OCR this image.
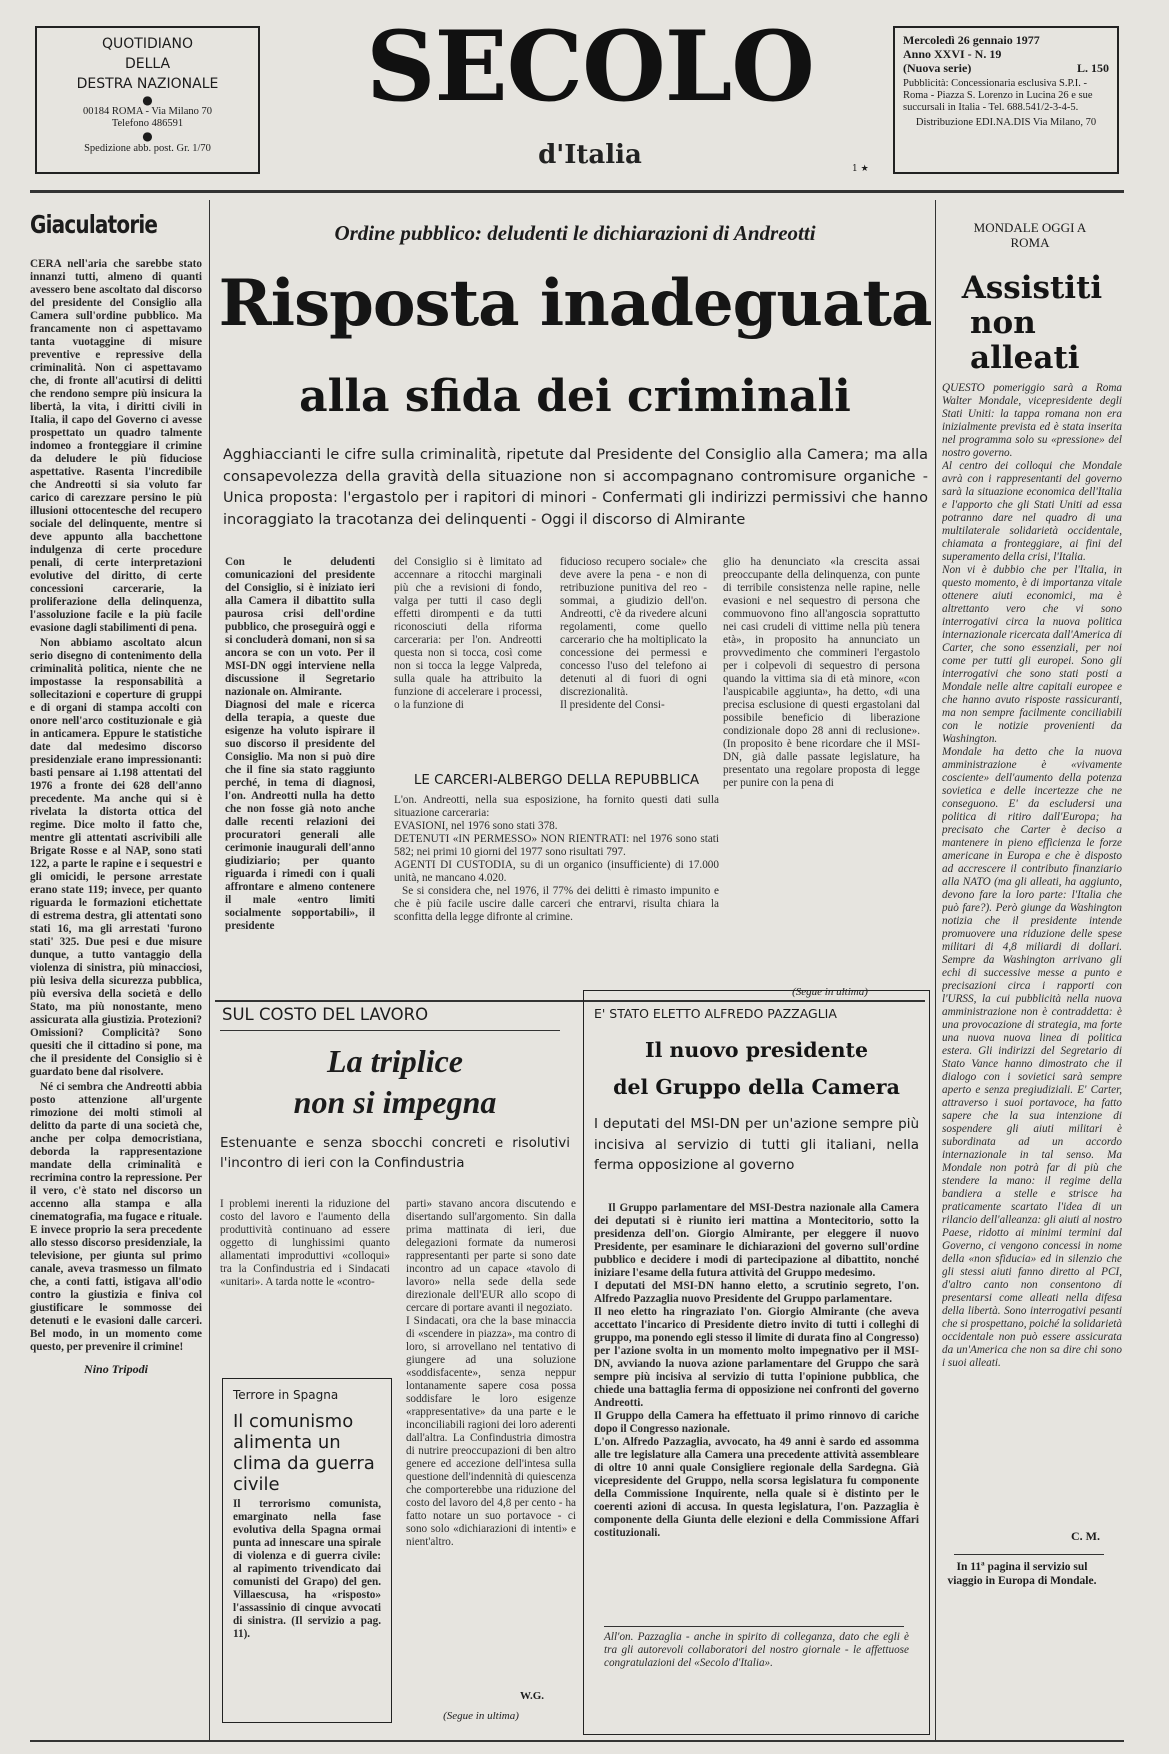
QUOTIDIANO
DELLA
DESTRA NAZIONALE
●
00184 ROMA - Via Milano 70
Telefono 486591
●
Spedizione abb. post. Gr. 1/70
SECOLO
d'Italia
Mercoledì 26 gennaio 1977
Anno XXVI - N. 19
(Nuova serie)	L. 150
Pubblicità: Concessionaria esclusiva S.P.I. - Roma - Piazza S. Lorenzo in Lucina 26 e sue succursali in Italia - Tel. 688.541/2-3-4-5.
Distribuzione EDI.NA.DIS Via Milano, 70
1 ★
Giaculatorie

CERA nell'aria che sarebbe stato innanzi tutti, almeno di quanti avessero bene ascoltato dal discorso del presidente del Consiglio alla Camera sull'ordine pubblico. Ma francamente non ci aspettavamo tanta vuotaggine di misure preventive e repressive della criminalità. Non ci aspettavamo che, di fronte all'acutirsi di delitti che rendono sempre più insicura la libertà, la vita, i diritti civili in Italia, il capo del Governo ci avesse prospettato un quadro talmente indomeo a fronteggiare il crimine da deludere le più fiduciose aspettative. Rasenta l'incredibile che Andreotti si sia voluto far carico di carezzare persino le più illusioni ottocentesche del recupero sociale del delinquente, mentre si deve appunto alla bacchettone indulgenza di certe procedure penali, di certe interpretazioni evolutive del diritto, di certe concessioni carcerarie, la proliferazione della delinquenza, l'assoluzione facile e la più facile evasione dagli stabilimenti di pena.

Non abbiamo ascoltato alcun serio disegno di contenimento della criminalità politica, niente che ne impostasse la responsabilità a sollecitazioni e coperture di gruppi e di organi di stampa accolti con onore nell'arco costituzionale e già in anticamera. Eppure le statistiche date dal medesimo discorso presidenziale erano impressionanti: basti pensare ai 1.198 attentati del 1976 a fronte dei 628 dell'anno precedente. Ma anche qui si è rivelata la distorta ottica del regime. Dice molto il fatto che, mentre gli attentati ascrivibili alle Brigate Rosse e al NAP, sono stati 122, a parte le rapine e i sequestri e gli omicidi, le persone arrestate erano state 119; invece, per quanto riguarda le formazioni etichettate di estrema destra, gli attentati sono stati 16, ma gli arrestati 'furono stati' 325. Due pesi e due misure dunque, a tutto vantaggio della violenza di sinistra, più minacciosi, più lesiva della sicurezza pubblica, più eversiva della società e dello Stato, ma più nonostante, meno assicurata alla giustizia. Protezioni? Omissioni? Complicità? Sono quesiti che il cittadino si pone, ma che il presidente del Consiglio si è guardato bene dal risolvere.

Né ci sembra che Andreotti abbia posto attenzione all'urgente rimozione dei molti stimoli al delitto da parte di una società che, anche per colpa democristiana, deborda la rappresentazione mandate della criminalità e recrimina contro la repressione. Per il vero, c'è stato nel discorso un accenno alla stampa e alla cinematografia, ma fugace e rituale. E invece proprio la sera precedente allo stesso discorso presidenziale, la televisione, per giunta sul primo canale, aveva trasmesso un filmato che, a conti fatti, istigava all'odio contro la giustizia e finiva col giustificare le sommosse dei detenuti e le evasioni dalle carceri. Bel modo, in un momento come questo, per prevenire il crimine!

Nino Tripodi
Ordine pubblico: deludenti le dichiarazioni di Andreotti
Risposta inadeguata
alla sfida dei criminali
Agghiaccianti le cifre sulla criminalità, ripetute dal Presidente del Consiglio alla Camera; ma alla consapevolezza della gravità della situazione non si accompagnano contromisure organiche - Unica proposta: l'ergastolo per i rapitori di minori - Confermati gli indirizzi permissivi che hanno incoraggiato la tracotanza dei delinquenti - Oggi il discorso di Almirante

Con le deludenti comunicazioni del presidente del Consiglio, si è iniziato ieri alla Camera il dibattito sulla paurosa crisi dell'ordine pubblico, che proseguirà oggi e si concluderà domani, non si sa ancora se con un voto. Per il MSI-DN oggi interviene nella discussione il Segretario nazionale on. Almirante.
Diagnosi del male e ricerca della terapia, a queste due esigenze ha voluto ispirare il suo discorso il presidente del Consiglio. Ma non si può dire che il fine sia stato raggiunto perché, in tema di diagnosi, l'on. Andreotti nulla ha detto che non fosse già noto anche dalle recenti relazioni dei procuratori generali alle cerimonie inaugurali dell'anno giudiziario; per quanto riguarda i rimedi con i quali affrontare e almeno contenere il male «entro limiti socialmente sopportabili», il presidente

del Consiglio si è limitato ad accennare a ritocchi marginali più che a revisioni di fondo, valga per tutti il caso degli effetti dirompenti e da tutti riconosciuti della riforma carceraria: per l'on. Andreotti questa non si tocca, così come non si tocca la legge Valpreda, sulla quale ha attribuito la funzione di accelerare i processi, o la funzione di

fiducioso recupero sociale» che deve avere la pena - e non di retribuzione punitiva del reo - sommai, a giudizio dell'on. Andreotti, c'è da rivedere alcuni regolamenti, come quello carcerario che ha moltiplicato la concessione dei permessi e concesso l'uso del telefono ai detenuti al di fuori di ogni discrezionalità.
Il presidente del Consi-

glio ha denunciato «la crescita assai preoccupante della delinquenza, con punte di terribile consistenza nelle rapine, nelle evasioni e nel sequestro di persona che commuovono fino all'angoscia soprattutto nei casi crudeli di vittime nella più tenera età», in proposito ha annunciato un provvedimento che commineri l'ergastolo per i colpevoli di sequestro di persona quando la vittima sia di età minore, «con l'auspicabile aggiunta», ha detto, «di una precisa esclusione di questi ergastolani dal possibile beneficio di liberazione condizionale dopo 28 anni di reclusione». (In proposito è bene ricordare che il MSI-DN, già dalle passate legislature, ha presentato una regolare proposta di legge per punire con la pena di

(Segue in ultima)
LE CARCERI-ALBERGO DELLA REPUBBLICA

L'on. Andreotti, nella sua esposizione, ha fornito questi dati sulla situazione carceraria:

EVASIONI, nel 1976 sono stati 378.

DETENUTI «IN PERMESSO» NON RIENTRATI: nel 1976 sono stati 582; nei primi 10 giorni del 1977 sono risultati 797.

AGENTI DI CUSTODIA, su di un organico (insufficiente) di 17.000 unità, ne mancano 4.020.

Se si considera che, nel 1976, il 77% dei delitti è rimasto impunito e che è più facile uscire dalle carceri che entrarvi, risulta chiara la sconfitta della legge difronte al crimine.

MONDALE OGGI A ROMA
Assistiti
non
alleati

QUESTO pomeriggio sarà a Roma Walter Mondale, vicepresidente degli Stati Uniti: la tappa romana non era inizialmente prevista ed è stata inserita nel programma solo su «pressione» del nostro governo.
Al centro dei colloqui che Mondale avrà con i rappresentanti del governo sarà la situazione economica dell'Italia e l'apporto che gli Stati Uniti ad essa potranno dare nel quadro di una multilaterale solidarietà occidentale, chiamata a fronteggiare, ai fini del superamento della crisi, l'Italia.
Non vi è dubbio che per l'Italia, in questo momento, è di importanza vitale ottenere aiuti economici, ma è altrettanto vero che vi sono interrogativi circa la nuova politica internazionale ricercata dall'America di Carter, che sono essenziali, per noi come per tutti gli europei. Sono gli interrogativi che sono stati posti a Mondale nelle altre capitali europee e che hanno avuto risposte rassicuranti, ma non sempre facilmente conciliabili con le notizie provenienti da Washington.
Mondale ha detto che la nuova amministrazione è «vivamente cosciente» dell'aumento della potenza sovietica e delle incertezze che ne conseguono. E' da escludersi una politica di ritiro dall'Europa; ha precisato che Carter è deciso a mantenere in pieno efficienza le forze americane in Europa e che è disposto ad accrescere il contributo finanziario alla NATO (ma gli alleati, ha aggiunto, devono fare la loro parte: l'Italia che può fare?). Però giunge da Washington notizia che il presidente intende promuovere una riduzione delle spese militari di 4,8 miliardi di dollari. Sempre da Washington arrivano gli echi di successive messe a punto e precisazioni circa i rapporti con l'URSS, la cui pubblicità nella nuova amministrazione non è contraddetta: è una provocazione di strategia, ma forte una nuova nuova linea di politica estera. Gli indirizzi del Segretario di Stato Vance hanno dimostrato che il dialogo con i sovietici sarà sempre aperto e senza pregiudiziali. E' Carter, attraverso i suoi portavoce, ha fatto sapere che la sua intenzione di sospendere gli aiuti militari è subordinata ad un accordo internazionale in tal senso. Ma Mondale non potrà far di più che stendere la mano: il regime della bandiera a stelle e strisce ha praticamente scartato l'idea di un rilancio dell'alleanza: gli aiuti al nostro Paese, ridotto ai minimi termini dal Governo, ci vengono concessi in nome della «non sfiducia» ed in silenzio che gli stessi aiuti fanno diretto al PCI, d'altro canto non consentono di presentarsi come alleati nella difesa della libertà. Sono interrogativi pesanti che si prospettano, poiché la solidarietà occidentale non può essere assicurata da un'America che non sa dire chi sono i suoi alleati.

C. M.
In 11ª pagina il servizio sul viaggio in Europa di Mondale.
SUL COSTO DEL LAVORO
La triplice
non si impegna
Estenuante e senza sbocchi concreti e risolutivi l'incontro di ieri con la Confindustria

I problemi inerenti la riduzione del costo del lavoro e l'aumento della produttività continuano ad essere oggetto di lunghissimi quanto allamentati improduttivi «colloqui» tra la Confindustria ed i Sindacati «unitari». A tarda notte le «contro-

parti» stavano ancora discutendo e disertando sull'argomento. Sin dalla prima mattinata di ieri, due delegazioni formate da numerosi rappresentanti per parte si sono date incontro ad un capace «tavolo di lavoro» nella sede della sede direzionale dell'EUR allo scopo di cercare di portare avanti il negoziato.
I Sindacati, ora che la base minaccia di «scendere in piazza», ma contro di loro, si arrovellano nel tentativo di giungere ad una soluzione «soddisfacente», senza neppur lontanamente sapere cosa possa soddisfare le loro esigenze «rappresentative» da una parte e le inconciliabili ragioni dei loro aderenti dall'altra. La Confindustria dimostra di nutrire preoccupazioni di ben altro genere ed accezione dell'intesa sulla questione dell'indennità di quiescenza che comporterebbe una riduzione del costo del lavoro del 4,8 per cento - ha fatto notare un suo portavoce - ci sono solo «dichiarazioni di intenti» e nient'altro.

W.G.
(Segue in ultima)
Terrore in Spagna
Il comunismo alimenta un clima da guerra civile

Il terrorismo comunista, emarginato nella fase evolutiva della Spagna ormai punta ad innescare una spirale di violenza e di guerra civile: al rapimento trivendicato dai comunisti del Grapo) del gen. Villaescusa, ha «risposto» l'assassinio di cinque avvocati di sinistra. (Il servizio a pag. 11).

E' STATO ELETTO ALFREDO PAZZAGLIA
Il nuovo presidente
del Gruppo della Camera
I deputati del MSI-DN per un'azione sempre più incisiva al servizio di tutti gli italiani, nella ferma opposizione al governo

Il Gruppo parlamentare del MSI-Destra nazionale alla Camera dei deputati si è riunito ieri mattina a Montecitorio, sotto la presidenza dell'on. Giorgio Almirante, per eleggere il nuovo Presidente, per esaminare le dichiarazioni del governo sull'ordine pubblico e decidere i modi di partecipazione al dibattito, nonché iniziare l'esame della futura attività del Gruppo medesimo.
I deputati del MSI-DN hanno eletto, a scrutinio segreto, l'on. Alfredo Pazzaglia nuovo Presidente del Gruppo parlamentare.
Il neo eletto ha ringraziato l'on. Giorgio Almirante (che aveva accettato l'incarico di Presidente dietro invito di tutti i colleghi di gruppo, ma ponendo egli stesso il limite di durata fino al Congresso) per l'azione svolta in un momento molto impegnativo per il MSI-DN, avviando la nuova azione parlamentare del Gruppo che sarà sempre più incisiva al servizio di tutta l'opinione pubblica, che chiede una battaglia ferma di opposizione nei confronti del governo Andreotti.
Il Gruppo della Camera ha effettuato il primo rinnovo di cariche dopo il Congresso nazionale.
L'on. Alfredo Pazzaglia, avvocato, ha 49 anni è sardo ed assomma alle tre legislature alla Camera una precedente attività assembleare di oltre 10 anni quale Consigliere regionale della Sardegna. Già vicepresidente del Gruppo, nella scorsa legislatura fu componente della Commissione Inquirente, nella quale si è distinto per le coerenti azioni di accusa. In questa legislatura, l'on. Pazzaglia è componente della Giunta delle elezioni e della Commissione Affari costituzionali.

All'on. Pazzaglia - anche in spirito di colleganza, dato che egli è tra gli autorevoli collaboratori del nostro giornale - le affettuose congratulazioni del «Secolo d'Italia».
